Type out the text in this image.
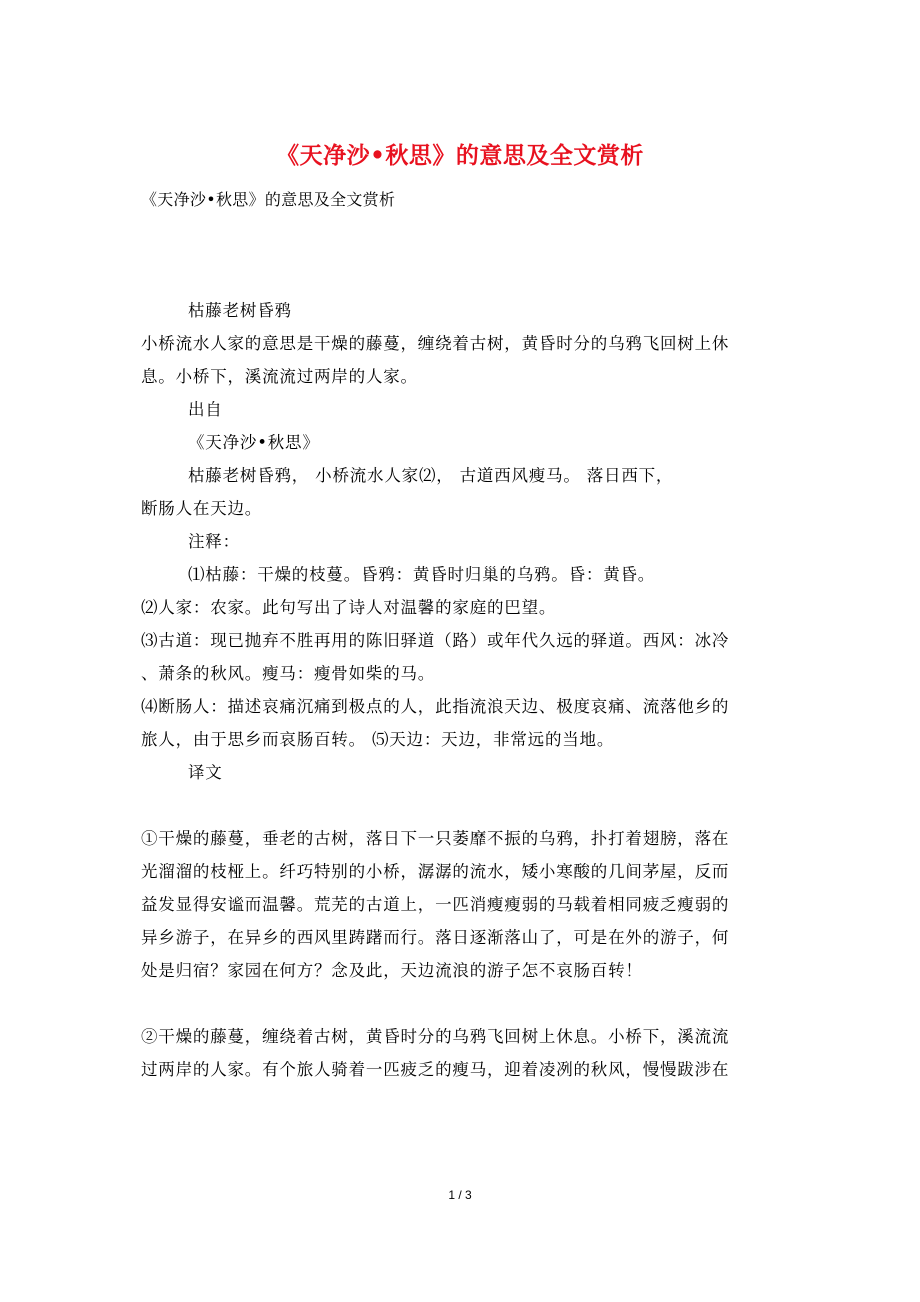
《天净沙•秋思》的意思及全文赏析
《天净沙•秋思》的意思及全文赏析
枯藤老树昏鸦
小桥流水人家的意思是干燥的藤蔓，缠绕着古树，黄昏时分的乌鸦飞回树上休
息。小桥下，溪流流过两岸的人家。
出自
《天净沙•秋思》
枯藤老树昏鸦， 小桥流水人家⑵， 古道西风瘦马。 落日西下，
断肠人在天边。
注释：
⑴枯藤：干燥的枝蔓。昏鸦：黄昏时归巢的乌鸦。昏：黄昏。
⑵人家：农家。此句写出了诗人对温馨的家庭的巴望。
⑶古道：现已抛弃不胜再用的陈旧驿道（路）或年代久远的驿道。西风：冰冷
、萧条的秋风。瘦马：瘦骨如柴的马。
⑷断肠人：描述哀痛沉痛到极点的人，此指流浪天边、极度哀痛、流落他乡的
旅人，由于思乡而哀肠百转。 ⑸天边：天边，非常远的当地。
译文
①干燥的藤蔓，垂老的古树，落日下一只萎靡不振的乌鸦，扑打着翅膀，落在
光溜溜的枝桠上。纤巧特别的小桥，潺潺的流水，矮小寒酸的几间茅屋，反而
益发显得安谧而温馨。荒芜的古道上，一匹消瘦瘦弱的马载着相同疲乏瘦弱的
异乡游子，在异乡的西风里踌躇而行。落日逐渐落山了，可是在外的游子，何
处是归宿？家园在何方？念及此，天边流浪的游子怎不哀肠百转！
②干燥的藤蔓，缠绕着古树，黄昏时分的乌鸦飞回树上休息。小桥下，溪流流
过两岸的人家。有个旅人骑着一匹疲乏的瘦马，迎着凌冽的秋风，慢慢跋涉在
1 / 3
